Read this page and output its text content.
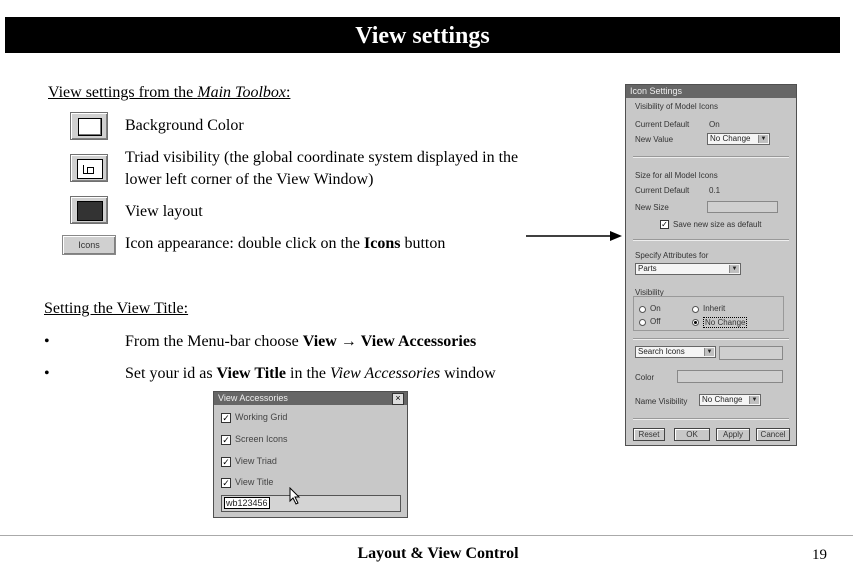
View settings
View settings from the Main Toolbox:
Background Color
Triad visibility (the global coordinate system displayed in the
lower left corner of the View Window)
View layout
Icons	Icon appearance: double click on the Icons button
Setting the View Title:
•	From the Menu-bar choose View → View Accessories
•	Set your id as View Title in the View Accessories window
View Accessories	×
✓ Working Grid
✓ Screen Icons
✓ View Triad
✓ View Title
wb123456
Icon Settings
Visibility of Model Icons
Current Default On
New Value	No Change	▼
Size for all Model Icons
Current Default 0.1
New Size
✓ Save new size as default
Specify Attributes for
Parts	▼
Visibility
On	Inherit
Off	No Change
Search Icons	▼
Color
Name Visibility	No Change	▼
Reset	OK	Apply	Cancel
Layout & View Control	19
